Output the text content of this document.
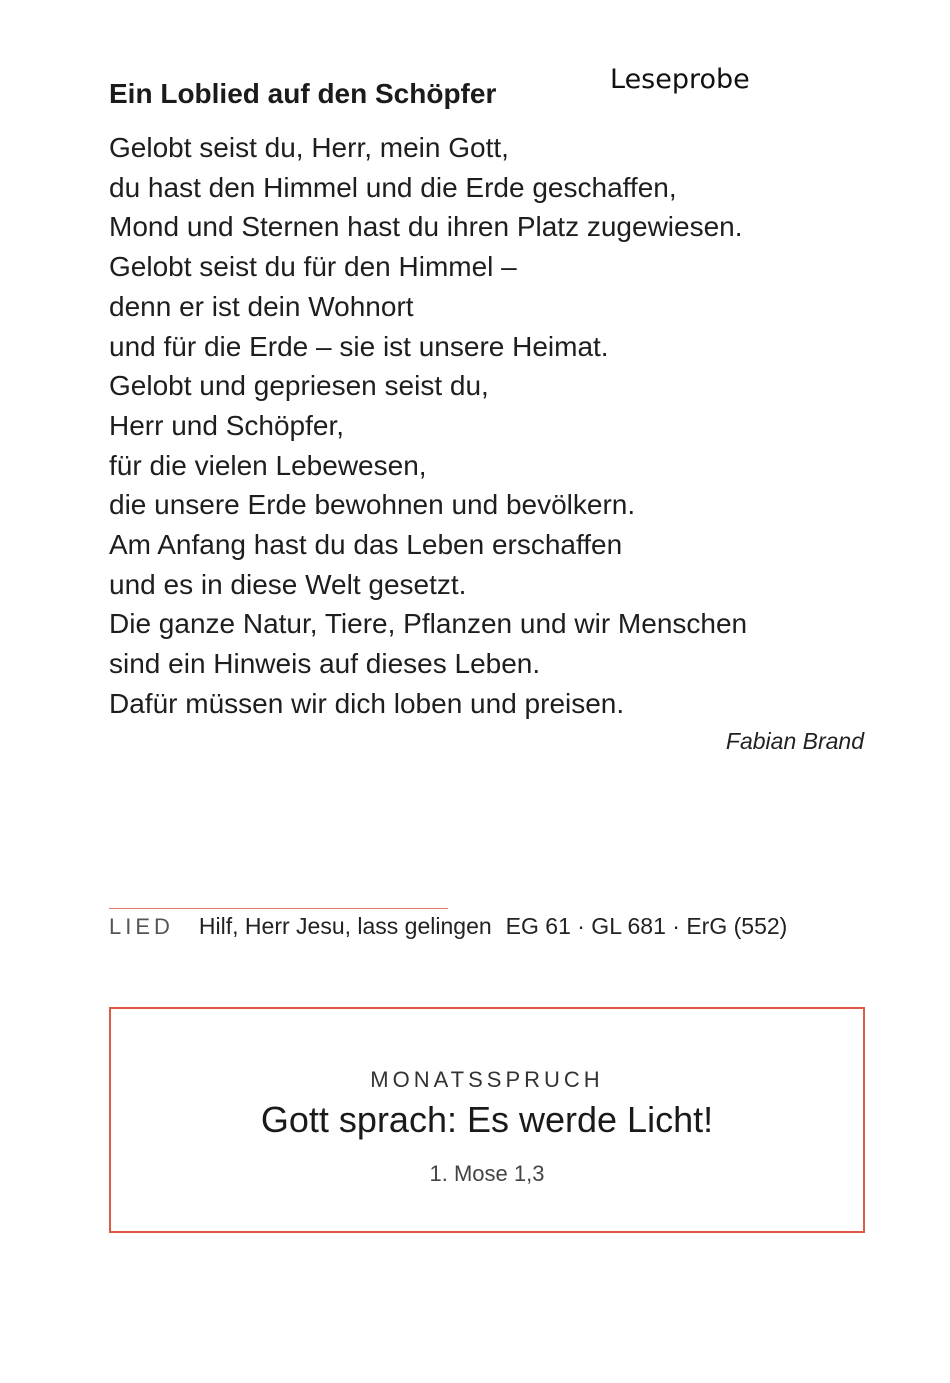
Leseprobe
Ein Loblied auf den Schöpfer
Gelobt seist du, Herr, mein Gott,
du hast den Himmel und die Erde geschaffen,
Mond und Sternen hast du ihren Platz zugewiesen.
Gelobt seist du für den Himmel –
denn er ist dein Wohnort
und für die Erde – sie ist unsere Heimat.
Gelobt und gepriesen seist du,
Herr und Schöpfer,
für die vielen Lebewesen,
die unsere Erde bewohnen und bevölkern.
Am Anfang hast du das Leben erschaffen
und es in diese Welt gesetzt.
Die ganze Natur, Tiere, Pflanzen und wir Menschen
sind ein Hinweis auf dieses Leben.
Dafür müssen wir dich loben und preisen.
Fabian Brand
LIED Hilf, Herr Jesu, lass gelingen EG 61 · GL 681 · ErG (552)
MONATSSPRUCH
Gott sprach: Es werde Licht!
1. Mose 1,3
